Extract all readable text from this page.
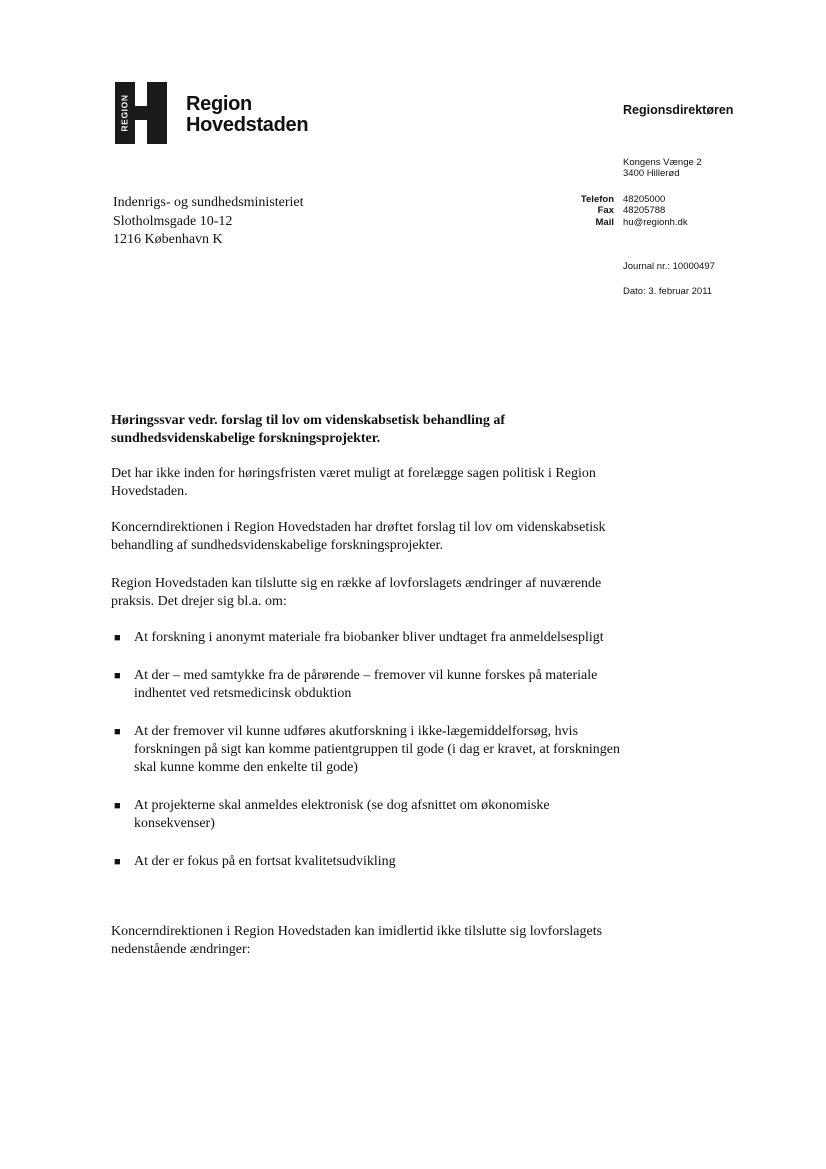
REGION	Region
Hovedstaden
Regionsdirektøren
Kongens Vænge 2
3400 Hillerød
Indenrigs- og sundhedsministeriet
Slotholmsgade 10-12
1216 København K
Telefon 48205000
Fax 48205788
Mail hu@regionh.dk
Journal nr.: 10000497
Dato: 3. februar 2011
Høringssvar vedr. forslag til lov om videnskabsetisk behandling af sundhedsvidenskabelige forskningsprojekter.
Det har ikke inden for høringsfristen været muligt at forelægge sagen politisk i Region Hovedstaden.
Koncerndirektionen i Region Hovedstaden har drøftet forslag til lov om videnskabsetisk behandling af sundhedsvidenskabelige forskningsprojekter.
Region Hovedstaden kan tilslutte sig en række af lovforslagets ændringer af nuværende praksis. Det drejer sig bl.a. om:
■ At forskning i anonymt materiale fra biobanker bliver undtaget fra anmeldelsespligt
■ At der – med samtykke fra de pårørende – fremover vil kunne forskes på materiale indhentet ved retsmedicinsk obduktion
■ At der fremover vil kunne udføres akutforskning i ikke-lægemiddelforsøg, hvis forskningen på sigt kan komme patientgruppen til gode (i dag er kravet, at forskningen skal kunne komme den enkelte til gode)
■ At projekterne skal anmeldes elektronisk (se dog afsnittet om økonomiske konsekvenser)
■ At der er fokus på en fortsat kvalitetsudvikling
Koncerndirektionen i Region Hovedstaden kan imidlertid ikke tilslutte sig lovforslagets nedenstående ændringer:
